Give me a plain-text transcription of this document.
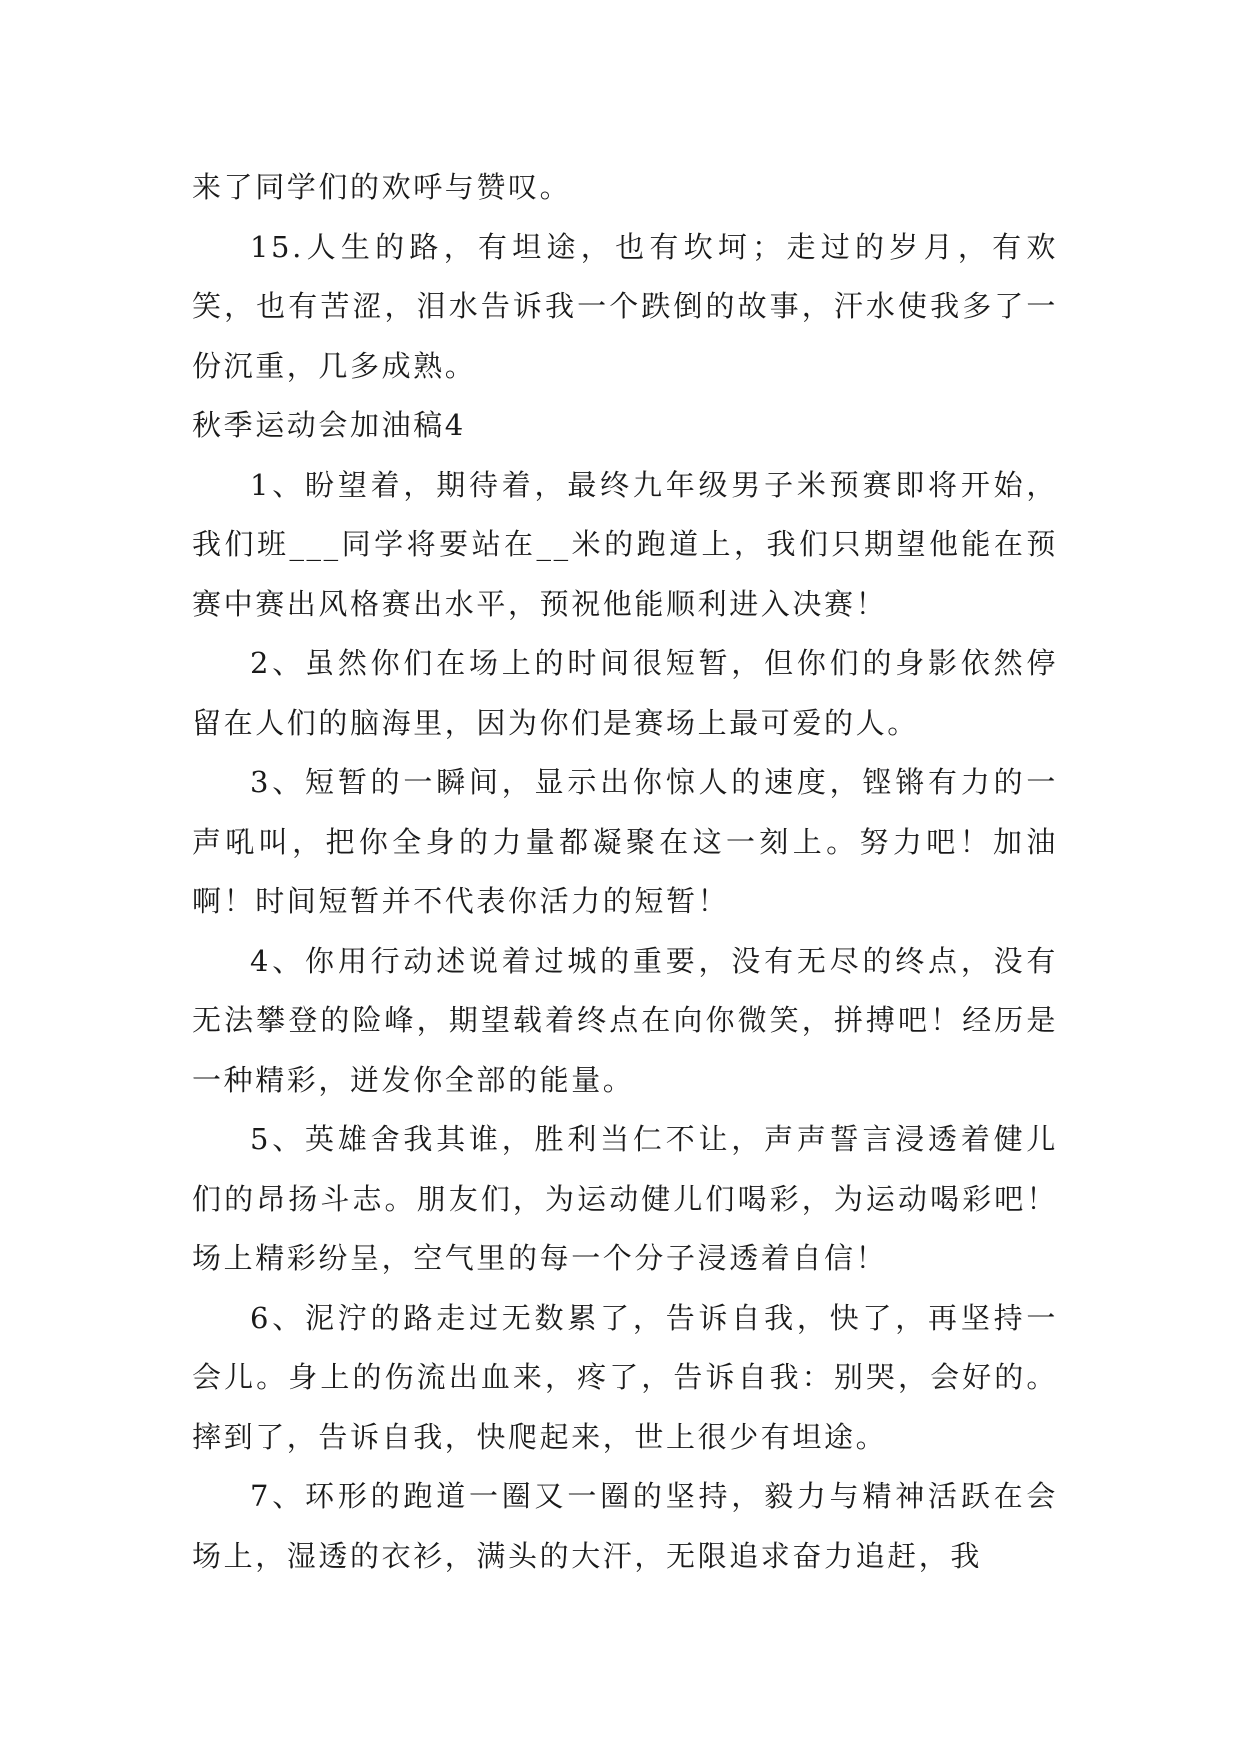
来了同学们的欢呼与赞叹。

15.人生的路，有坦途，也有坎坷；走过的岁月，有欢笑，也有苦涩，泪水告诉我一个跌倒的故事，汗水使我多了一份沉重，几多成熟。

秋季运动会加油稿4

1、盼望着，期待着，最终九年级男子米预赛即将开始，我们班___同学将要站在__米的跑道上，我们只期望他能在预赛中赛出风格赛出水平，预祝他能顺利进入决赛！

2、虽然你们在场上的时间很短暂，但你们的身影依然停留在人们的脑海里，因为你们是赛场上最可爱的人。

3、短暂的一瞬间，显示出你惊人的速度，铿锵有力的一声吼叫，把你全身的力量都凝聚在这一刻上。努力吧！加油啊！时间短暂并不代表你活力的短暂！

4、你用行动述说着过城的重要，没有无尽的终点，没有无法攀登的险峰，期望载着终点在向你微笑，拼搏吧！经历是一种精彩，迸发你全部的能量。

5、英雄舍我其谁，胜利当仁不让，声声誓言浸透着健儿们的昂扬斗志。朋友们，为运动健儿们喝彩，为运动喝彩吧！场上精彩纷呈，空气里的每一个分子浸透着自信！

6、泥泞的路走过无数累了，告诉自我，快了，再坚持一会儿。身上的伤流出血来，疼了，告诉自我：别哭，会好的。摔到了，告诉自我，快爬起来，世上很少有坦途。

7、环形的跑道一圈又一圈的坚持，毅力与精神活跃在会场上，湿透的衣衫，满头的大汗，无限追求奋力追赶，我
